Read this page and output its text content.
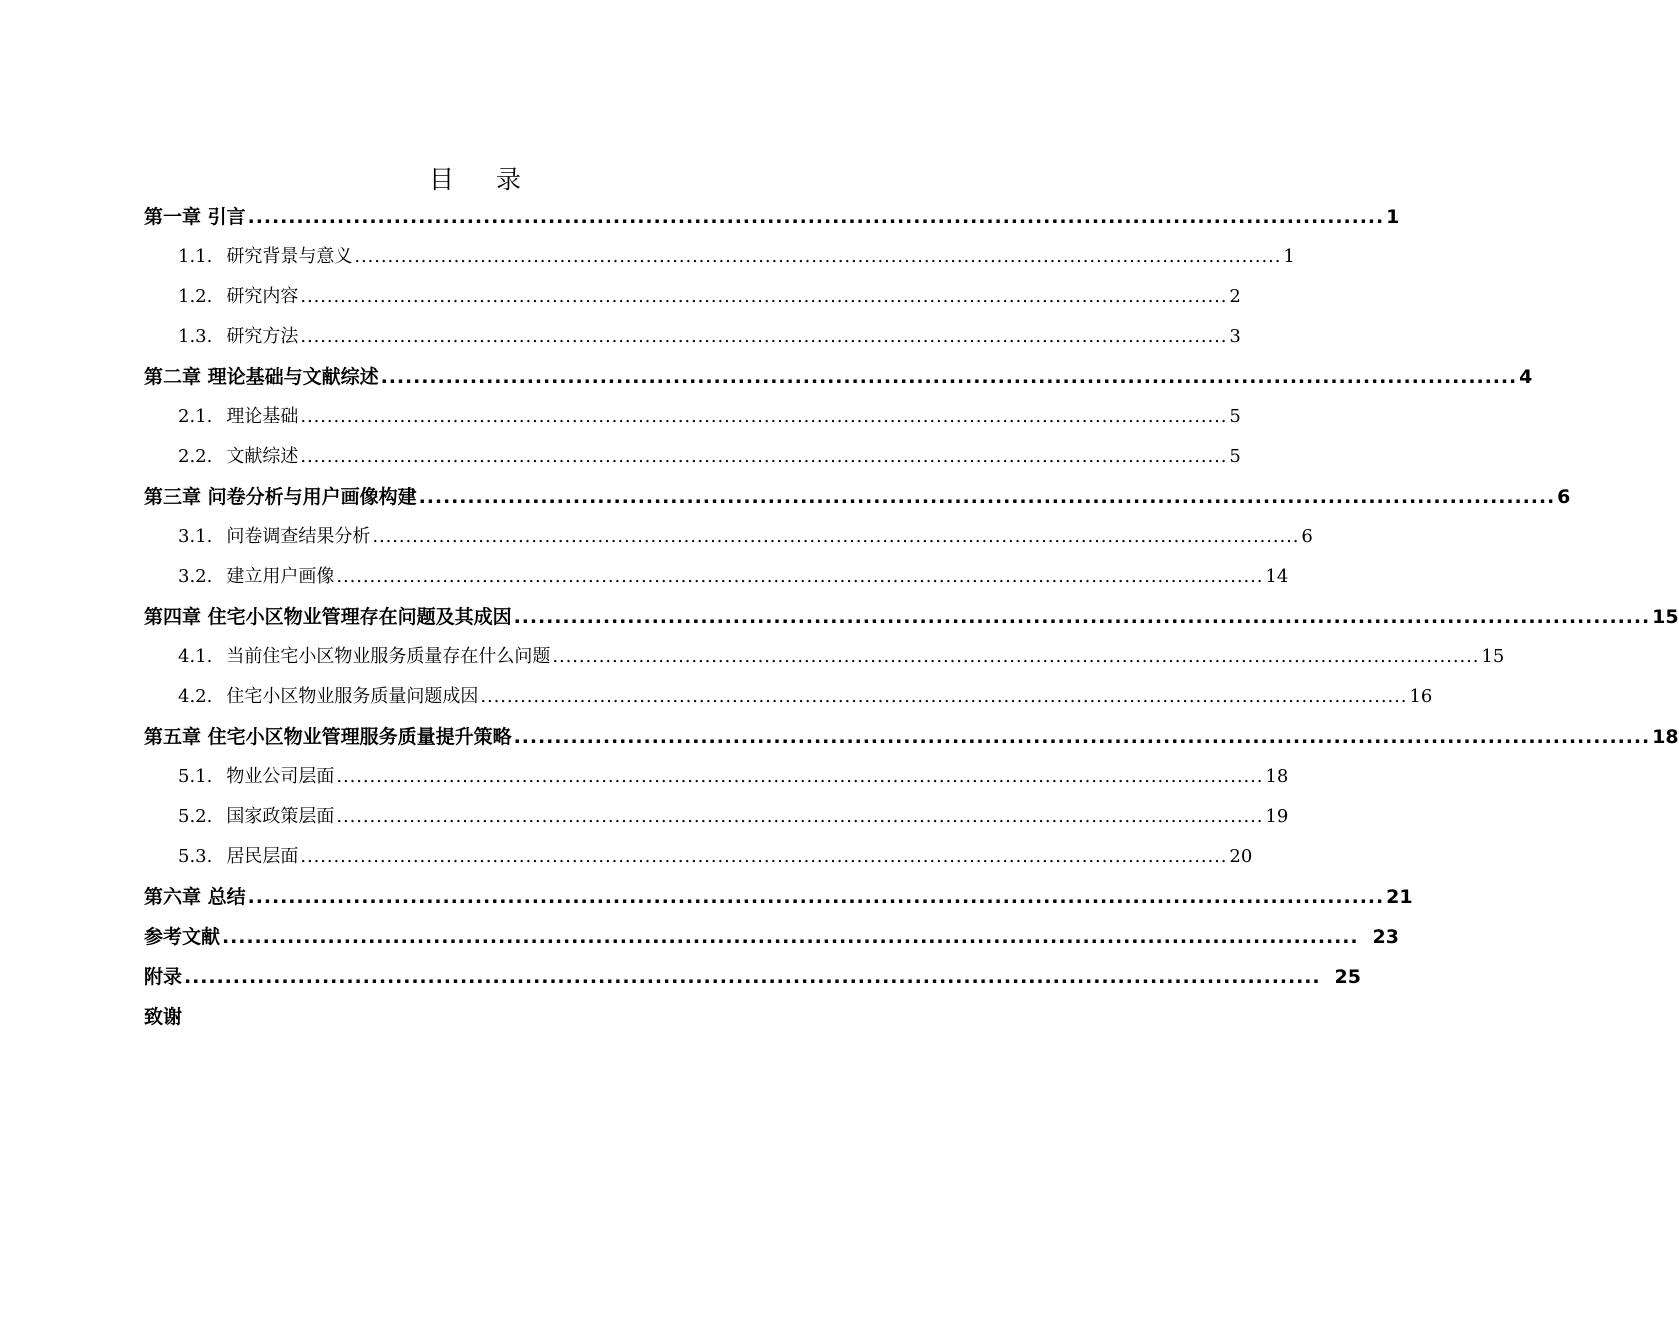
目 录
第一章 引言 ............................................................................................................................................ 1
1.1. 研究背景与意义 ............................................................................................................................................ 1
1.2. 研究内容 ............................................................................................................................................ 2
1.3. 研究方法 ............................................................................................................................................ 3
第二章 理论基础与文献综述 ............................................................................................................................................ 4
2.1. 理论基础 ............................................................................................................................................ 5
2.2. 文献综述 ............................................................................................................................................ 5
第三章 问卷分析与用户画像构建 ............................................................................................................................................ 6
3.1. 问卷调查结果分析 ............................................................................................................................................ 6
3.2. 建立用户画像 ............................................................................................................................................ 14
第四章 住宅小区物业管理存在问题及其成因 ............................................................................................................................................ 15
4.1. 当前住宅小区物业服务质量存在什么问题 ............................................................................................................................................ 15
4.2. 住宅小区物业服务质量问题成因 ............................................................................................................................................ 16
第五章 住宅小区物业管理服务质量提升策略 ............................................................................................................................................ 18
5.1. 物业公司层面 ............................................................................................................................................ 18
5.2. 国家政策层面 ............................................................................................................................................ 19
5.3. 居民层面 ............................................................................................................................................ 20
第六章 总结 ............................................................................................................................................ 21
参考文献 ............................................................................................................................................ 23
附录 ............................................................................................................................................ 25
致谢
